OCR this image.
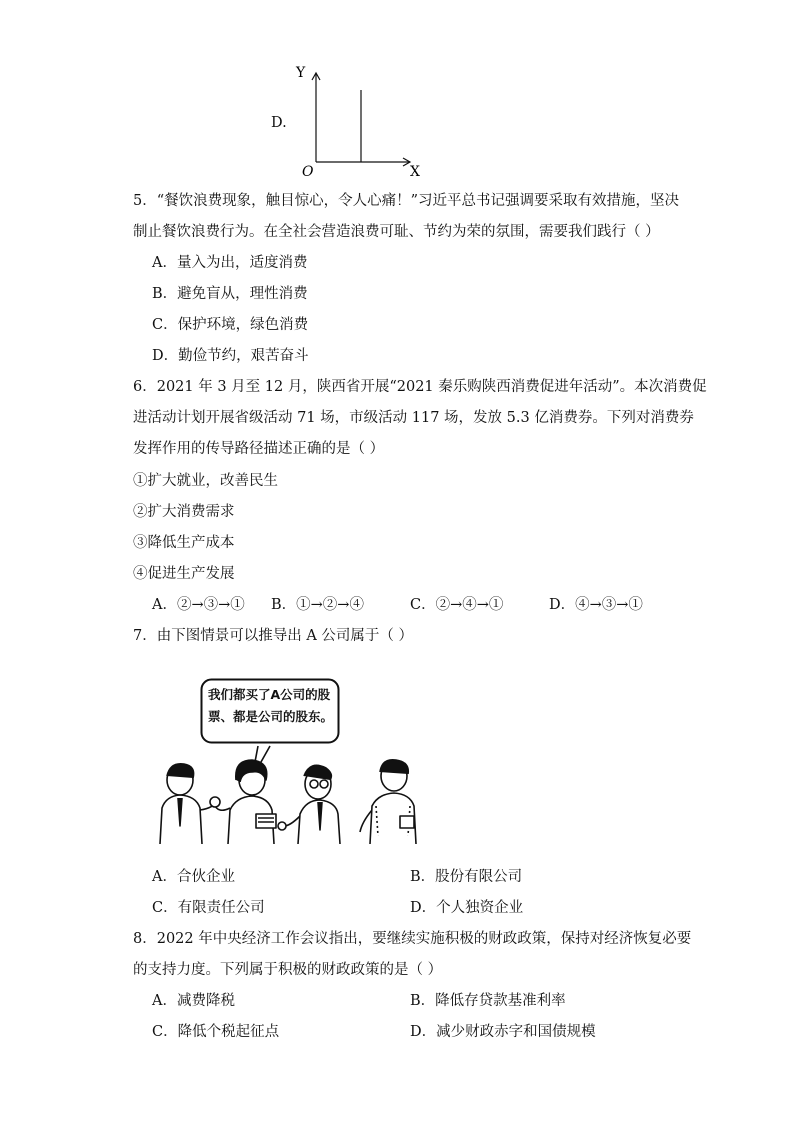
Y
X
O
D.
5．“餐饮浪费现象，触目惊心，令人心痛！”习近平总书记强调要采取有效措施，坚决
制止餐饮浪费行为。在全社会营造浪费可耻、节约为荣的氛围，需要我们践行（ ）
A．量入为出，适度消费
B．避免盲从，理性消费
C．保护环境，绿色消费
D．勤俭节约，艰苦奋斗
6．2021 年 3 月至 12 月，陕西省开展“2021 秦乐购陕西消费促进年活动”。本次消费促
进活动计划开展省级活动 71 场，市级活动 117 场，发放 5.3 亿消费券。下列对消费券
发挥作用的传导路径描述正确的是（ ）
①扩大就业，改善民生
②扩大消费需求
③降低生产成本
④促进生产发展
A．②→③→① B．①→②→④	C．②→④→①	D．④→③→①
7．由下图情景可以推导出 A 公司属于（ ）
我们都买了A公司的股票、都是公司的股东。
A．合伙企业	B．股份有限公司
C．有限责任公司	D．个人独资企业
8．2022 年中央经济工作会议指出，要继续实施积极的财政政策，保持对经济恢复必要
的支持力度。下列属于积极的财政政策的是（ ）
A．减费降税	B．降低存贷款基准利率
C．降低个税起征点	D．减少财政赤字和国债规模
